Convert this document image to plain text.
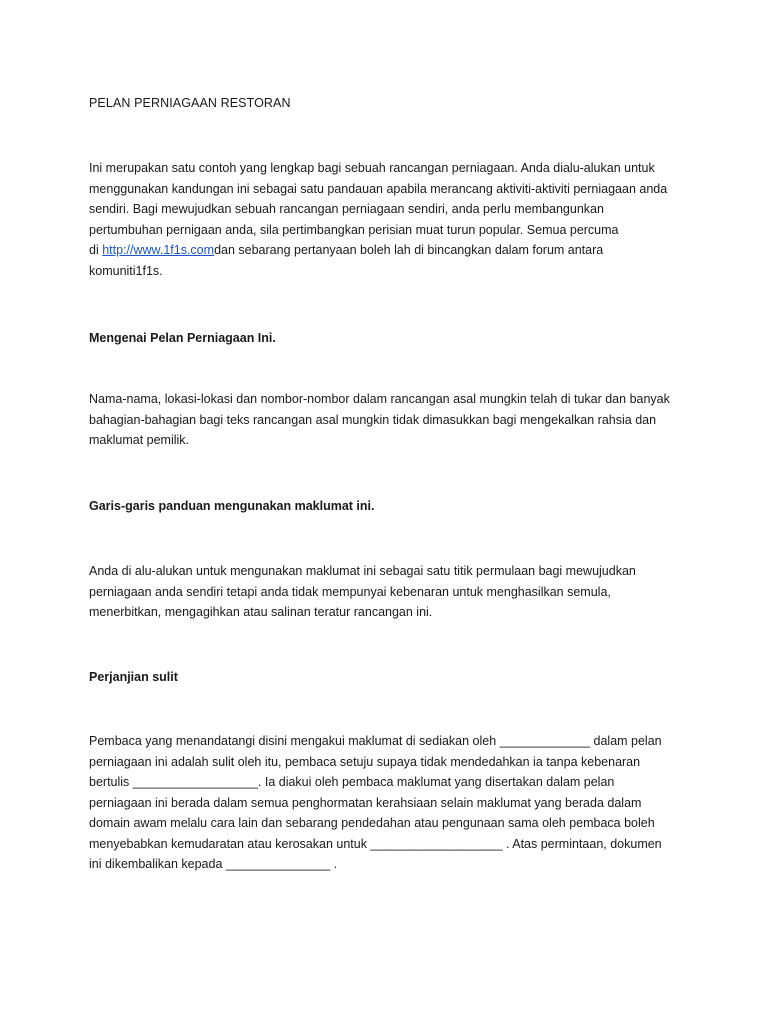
PELAN PERNIAGAAN RESTORAN

Ini merupakan satu contoh yang lengkap bagi sebuah rancangan perniagaan. Anda dialu-alukan untuk
menggunakan kandungan ini sebagai satu pandauan apabila merancang aktiviti-aktiviti perniagaan anda
sendiri. Bagi mewujudkan sebuah rancangan perniagaan sendiri, anda perlu membangunkan
pertumbuhan pernigaan anda, sila pertimbangkan perisian muat turun popular. Semua percuma
di http://www.1f1s.comdan sebarang pertanyaan boleh lah di bincangkan dalam forum antara
komuniti1f1s.

Mengenai Pelan Perniagaan Ini.

Nama-nama, lokasi-lokasi dan nombor-nombor dalam rancangan asal mungkin telah di tukar dan banyak
bahagian-bahagian bagi teks rancangan asal mungkin tidak dimasukkan bagi mengekalkan rahsia dan
maklumat pemilik.

Garis-garis panduan mengunakan maklumat ini.

Anda di alu-alukan untuk mengunakan maklumat ini sebagai satu titik permulaan bagi mewujudkan
perniagaan anda sendiri tetapi anda tidak mempunyai kebenaran untuk menghasilkan semula,
menerbitkan, mengagihkan atau salinan teratur rancangan ini.

Perjanjian sulit

Pembaca yang menandatangi disini mengakui maklumat di sediakan oleh _____________ dalam pelan
perniagaan ini adalah sulit oleh itu, pembaca setuju supaya tidak mendedahkan ia tanpa kebenaran
bertulis __________________. Ia diakui oleh pembaca maklumat yang disertakan dalam pelan
perniagaan ini berada dalam semua penghormatan kerahsiaan selain maklumat yang berada dalam
domain awam melalu cara lain dan sebarang pendedahan atau pengunaan sama oleh pembaca boleh
menyebabkan kemudaratan atau kerosakan untuk ___________________ . Atas permintaan, dokumen
ini dikembalikan kepada _______________ .
